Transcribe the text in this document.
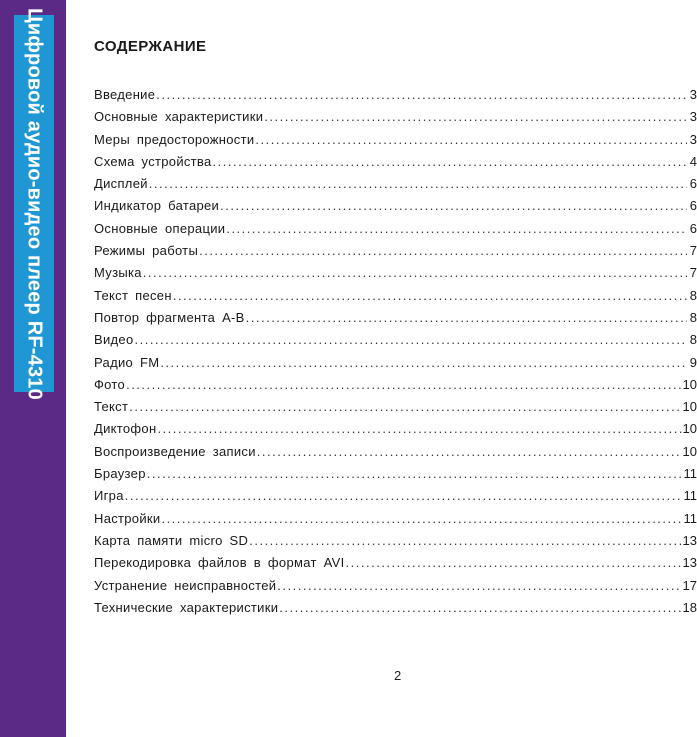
Цифровой аудио-видео плеер RF-4310	СОДЕРЖАНИЕ
Введение .....	3
Основные характеристики .....	3
Меры предосторожности .....	3
Схема устройства .....	4
Дисплей .....	6
Индикатор батареи .....	6
Основные операции .....	6
Режимы работы .....	7
Музыка .....	7
Текст песен .....	8
Повтор фрагмента A-B .....	8
Видео .....	8
Радио FM .....	9
Фото .....	10
Текст .....	10
Диктофон .....	10
Воспроизведение записи .....	10
Браузер .....	11
Игра .....	11
Настройки .....	11
Карта памяти micro SD .....	13
Перекодировка файлов в формат AVI .....	13
Устранение неисправностей .....	17
Технические характеристики .....	18
2
